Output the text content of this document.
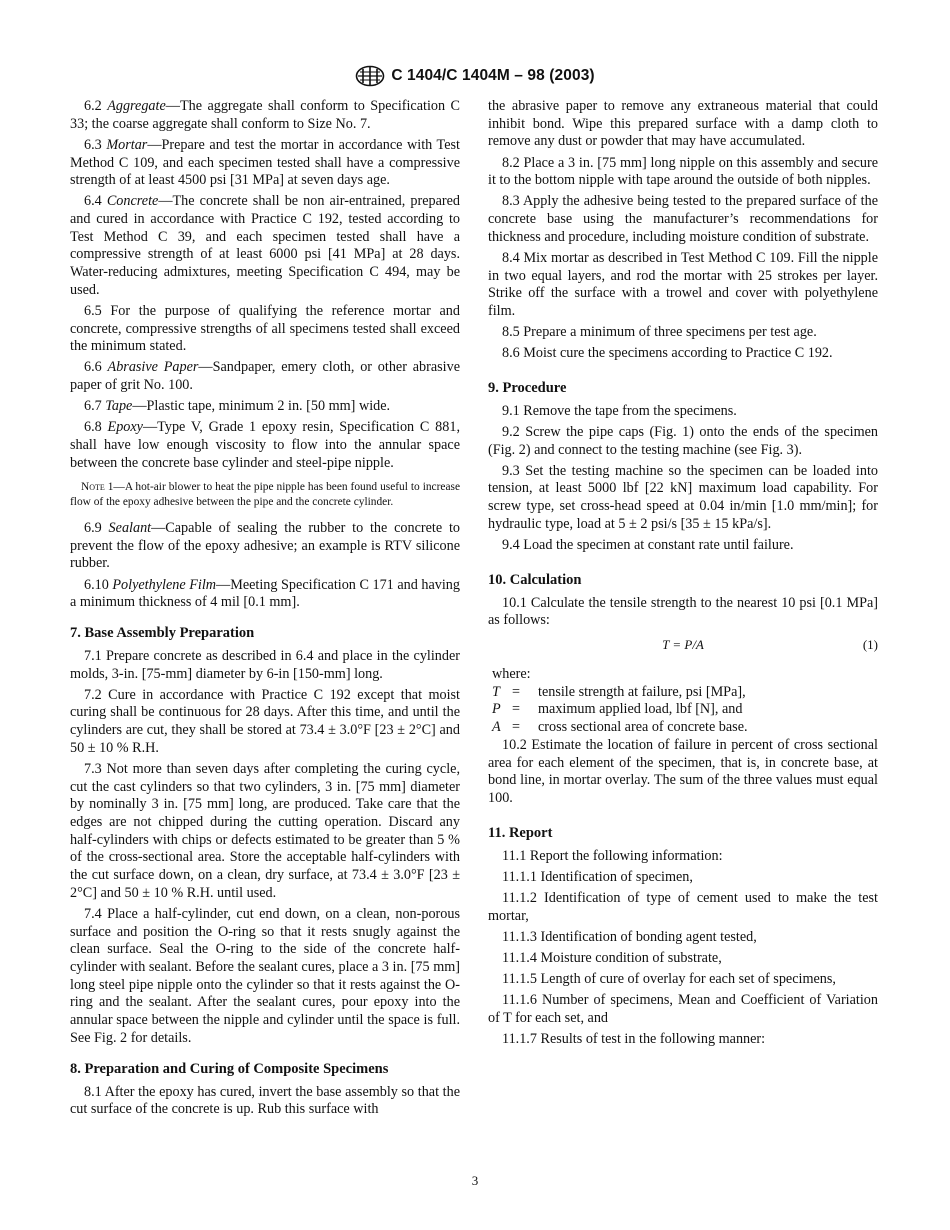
C 1404/C 1404M – 98 (2003)

6.2 Aggregate—The aggregate shall conform to Specification C 33; the coarse aggregate shall conform to Size No. 7.

6.3 Mortar—Prepare and test the mortar in accordance with Test Method C 109, and each specimen tested shall have a compressive strength of at least 4500 psi [31 MPa] at seven days age.

6.4 Concrete—The concrete shall be non air-entrained, prepared and cured in accordance with Practice C 192, tested according to Test Method C 39, and each specimen tested shall have a compressive strength of at least 6000 psi [41 MPa] at 28 days. Water-reducing admixtures, meeting Specification C 494, may be used.

6.5 For the purpose of qualifying the reference mortar and concrete, compressive strengths of all specimens tested shall exceed the minimum stated.

6.6 Abrasive Paper—Sandpaper, emery cloth, or other abrasive paper of grit No. 100.

6.7 Tape—Plastic tape, minimum 2 in. [50 mm] wide.

6.8 Epoxy—Type V, Grade 1 epoxy resin, Specification C 881, shall have low enough viscosity to flow into the annular space between the concrete base cylinder and steel-pipe nipple.

Note 1—A hot-air blower to heat the pipe nipple has been found useful to increase flow of the epoxy adhesive between the pipe and the concrete cylinder.

6.9 Sealant—Capable of sealing the rubber to the concrete to prevent the flow of the epoxy adhesive; an example is RTV silicone rubber.

6.10 Polyethylene Film—Meeting Specification C 171 and having a minimum thickness of 4 mil [0.1 mm].

7. Base Assembly Preparation

7.1 Prepare concrete as described in 6.4 and place in the cylinder molds, 3-in. [75-mm] diameter by 6-in [150-mm] long.

7.2 Cure in accordance with Practice C 192 except that moist curing shall be continuous for 28 days. After this time, and until the cylinders are cut, they shall be stored at 73.4 ± 3.0°F [23 ± 2°C] and 50 ± 10 % R.H.

7.3 Not more than seven days after completing the curing cycle, cut the cast cylinders so that two cylinders, 3 in. [75 mm] diameter by nominally 3 in. [75 mm] long, are produced. Take care that the edges are not chipped during the cutting operation. Discard any half-cylinders with chips or defects estimated to be greater than 5 % of the cross-sectional area. Store the acceptable half-cylinders with the cut surface down, on a clean, dry surface, at 73.4 ± 3.0°F [23 ± 2°C] and 50 ± 10 % R.H. until used.

7.4 Place a half-cylinder, cut end down, on a clean, non-porous surface and position the O-ring so that it rests snugly against the clean surface. Seal the O-ring to the side of the concrete half-cylinder with sealant. Before the sealant cures, place a 3 in. [75 mm] long steel pipe nipple onto the cylinder so that it rests against the O-ring and the sealant. After the sealant cures, pour epoxy into the annular space between the nipple and cylinder until the space is full. See Fig. 2 for details.

8. Preparation and Curing of Composite Specimens

8.1 After the epoxy has cured, invert the base assembly so that the cut surface of the concrete is up. Rub this surface with

the abrasive paper to remove any extraneous material that could inhibit bond. Wipe this prepared surface with a damp cloth to remove any dust or powder that may have accumulated.

8.2 Place a 3 in. [75 mm] long nipple on this assembly and secure it to the bottom nipple with tape around the outside of both nipples.

8.3 Apply the adhesive being tested to the prepared surface of the concrete base using the manufacturer’s recommendations for thickness and procedure, including moisture condition of substrate.

8.4 Mix mortar as described in Test Method C 109. Fill the nipple in two equal layers, and rod the mortar with 25 strokes per layer. Strike off the surface with a trowel and cover with polyethylene film.

8.5 Prepare a minimum of three specimens per test age.

8.6 Moist cure the specimens according to Practice C 192.

9. Procedure

9.1 Remove the tape from the specimens.

9.2 Screw the pipe caps (Fig. 1) onto the ends of the specimen (Fig. 2) and connect to the testing machine (see Fig. 3).

9.3 Set the testing machine so the specimen can be loaded into tension, at least 5000 lbf [22 kN] maximum load capability. For screw type, set cross-head speed at 0.04 in/min [1.0 mm/min]; for hydraulic type, load at 5 ± 2 psi/s [35 ± 15 kPa/s].

9.4 Load the specimen at constant rate until failure.

10. Calculation

10.1 Calculate the tensile strength to the nearest 10 psi [0.1 MPa] as follows:

T = P/A	(1)
where:
T =	tensile strength at failure, psi [MPa],
P =	maximum applied load, lbf [N], and
A =	cross sectional area of concrete base.

10.2 Estimate the location of failure in percent of cross sectional area for each element of the specimen, that is, in concrete base, at bond line, in mortar overlay. The sum of the three values must equal 100.

11. Report

11.1 Report the following information:

11.1.1 Identification of specimen,

11.1.2 Identification of type of cement used to make the test mortar,

11.1.3 Identification of bonding agent tested,

11.1.4 Moisture condition of substrate,

11.1.5 Length of cure of overlay for each set of specimens,

11.1.6 Number of specimens, Mean and Coefficient of Variation of T for each set, and

11.1.7 Results of test in the following manner:

3
